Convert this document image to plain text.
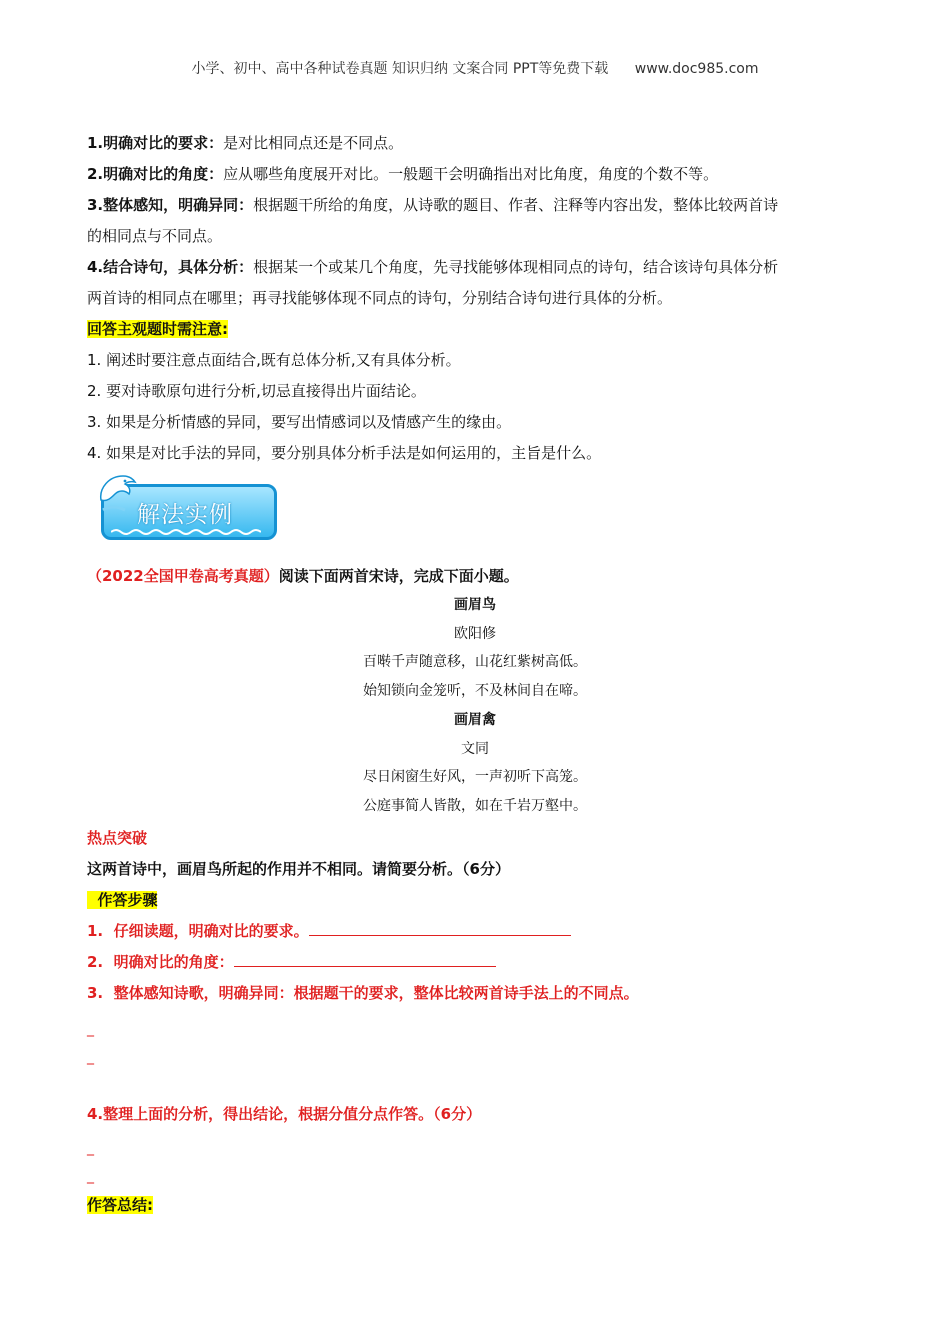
小学、初中、高中各种试卷真题 知识归纳 文案合同 PPT等免费下载 www.doc985.com

1.明确对比的要求：是对比相同点还是不同点。

2.明确对比的角度：应从哪些角度展开对比。一般题干会明确指出对比角度，角度的个数不等。

3.整体感知，明确异同：根据题干所给的角度，从诗歌的题目、作者、注释等内容出发，整体比较两首诗

的相同点与不同点。

4.结合诗句，具体分析：根据某一个或某几个角度，先寻找能够体现相同点的诗句，结合该诗句具体分析

两首诗的相同点在哪里；再寻找能够体现不同点的诗句，分别结合诗句进行具体的分析。

回答主观题时需注意:

1. 阐述时要注意点面结合,既有总体分析,又有具体分析。

2. 要对诗歌原句进行分析,切忌直接得出片面结论。

3. 如果是分析情感的异同，要写出情感词以及情感产生的缘由。

4. 如果是对比手法的异同，要分别具体分析手法是如何运用的，主旨是什么。

解法实例

（2022全国甲卷高考真题）阅读下面两首宋诗，完成下面小题。

画眉鸟

欧阳修

百啭千声随意移，山花红紫树高低。

始知锁向金笼听，不及林间自在啼。

画眉禽

文同

尽日闲窗生好风，一声初听下高笼。

公庭事简人皆散，如在千岩万壑中。

热点突破

这两首诗中，画眉鸟所起的作用并不相同。请简要分析。（6分）

作答步骤

1. 仔细读题，明确对比的要求。

2. 明确对比的角度：

3. 整体感知诗歌，明确异同：根据题干的要求，整体比较两首诗手法上的不同点。

_

_

4.整理上面的分析，得出结论，根据分值分点作答。（6分）

_

_

作答总结:
